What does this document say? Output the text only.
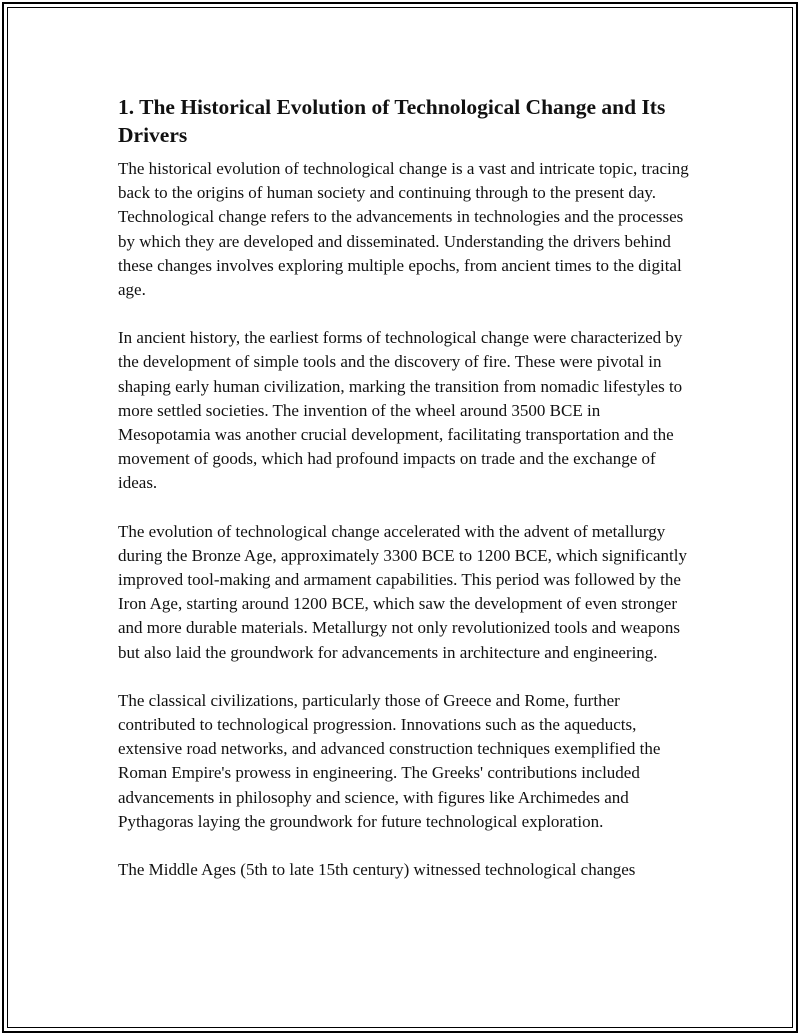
1. The Historical Evolution of Technological Change and Its Drivers

The historical evolution of technological change is a vast and intricate topic, tracing back to the origins of human society and continuing through to the present day. Technological change refers to the advancements in technologies and the processes by which they are developed and disseminated. Understanding the drivers behind these changes involves exploring multiple epochs, from ancient times to the digital age.

In ancient history, the earliest forms of technological change were characterized by the development of simple tools and the discovery of fire. These were pivotal in shaping early human civilization, marking the transition from nomadic lifestyles to more settled societies. The invention of the wheel around 3500 BCE in Mesopotamia was another crucial development, facilitating transportation and the movement of goods, which had profound impacts on trade and the exchange of ideas.

The evolution of technological change accelerated with the advent of metallurgy during the Bronze Age, approximately 3300 BCE to 1200 BCE, which significantly improved tool-making and armament capabilities. This period was followed by the Iron Age, starting around 1200 BCE, which saw the development of even stronger and more durable materials. Metallurgy not only revolutionized tools and weapons but also laid the groundwork for advancements in architecture and engineering.

The classical civilizations, particularly those of Greece and Rome, further contributed to technological progression. Innovations such as the aqueducts, extensive road networks, and advanced construction techniques exemplified the Roman Empire's prowess in engineering. The Greeks' contributions included advancements in philosophy and science, with figures like Archimedes and Pythagoras laying the groundwork for future technological exploration.

The Middle Ages (5th to late 15th century) witnessed technological changes
